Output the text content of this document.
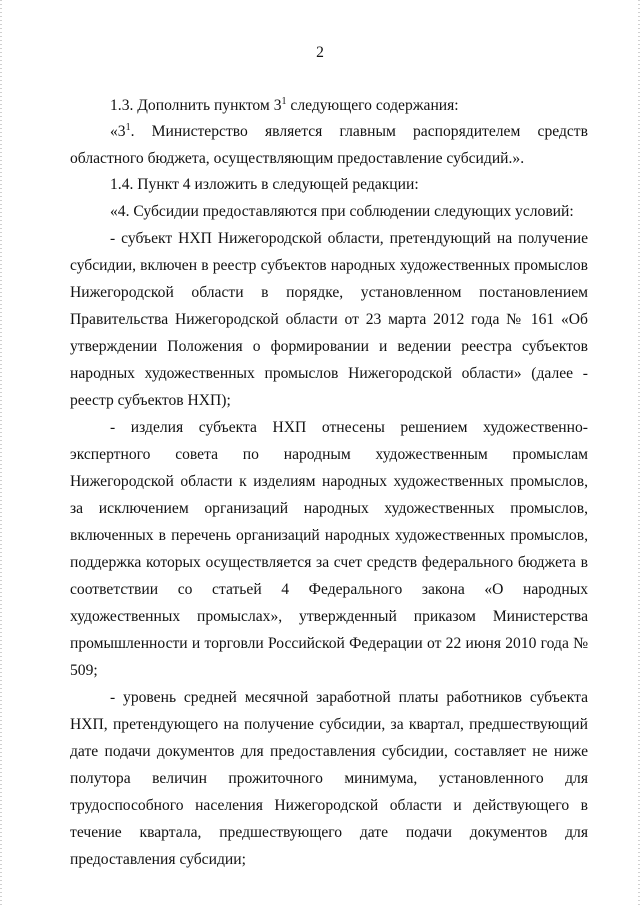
2

1.3. Дополнить пунктом $3^1$ следующего содержания:

«$3^1$. Министерство является главным распорядителем средств областного бюджета, осуществляющим предоставление субсидий.».

1.4. Пункт 4 изложить в следующей редакции:

«4. Субсидии предоставляются при соблюдении следующих условий:

- субъект НХП Нижегородской области, претендующий на получение субсидии, включен в реестр субъектов народных художественных промыслов Нижегородской области в порядке, установленном постановлением Правительства Нижегородской области от 23 марта 2012 года № 161 «Об утверждении Положения о формировании и ведении реестра субъектов народных художественных промыслов Нижегородской области» (далее - реестр субъектов НХП);

- изделия субъекта НХП отнесены решением художественно-экспертного совета по народным художественным промыслам Нижегородской области к изделиям народных художественных промыслов, за исключением организаций народных художественных промыслов, включенных в перечень организаций народных художественных промыслов, поддержка которых осуществляется за счет средств федерального бюджета в соответствии со статьей 4 Федерального закона «О народных художественных промыслах», утвержденный приказом Министерства промышленности и торговли Российской Федерации от 22 июня 2010 года № 509;

- уровень средней месячной заработной платы работников субъекта НХП, претендующего на получение субсидии, за квартал, предшествующий дате подачи документов для предоставления субсидии, составляет не ниже полутора величин прожиточного минимума, установленного для трудоспособного населения Нижегородской области и действующего в течение квартала, предшествующего дате подачи документов для предоставления субсидии;
